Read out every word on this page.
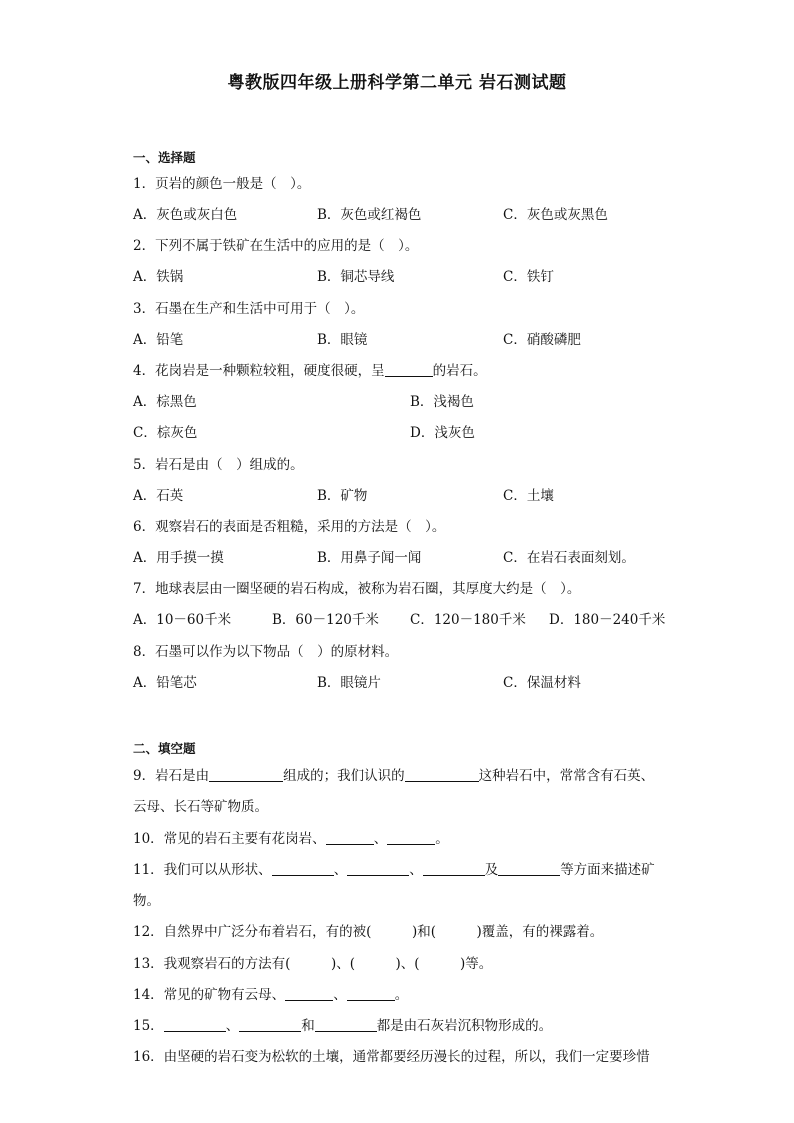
粤教版四年级上册科学第二单元 岩石测试题
一、选择题
1．页岩的颜色一般是（　）。
A．灰色或灰白色	B．灰色或红褐色	C．灰色或灰黑色
2．下列不属于铁矿在生活中的应用的是（　）。
A．铁锅	B．铜芯导线	C．铁钉
3．石墨在生产和生活中可用于（　）。
A．铅笔	B．眼镜	C．硝酸磷肥
4．花岗岩是一种颗粒较粗，硬度很硬，呈	的岩石。
A．棕黑色	B．浅褐色
C．棕灰色	D．浅灰色
5．岩石是由（　）组成的。
A．石英	B．矿物	C．土壤
6．观察岩石的表面是否粗糙，采用的方法是（　）。
A．用手摸一摸	B．用鼻子闻一闻	C．在岩石表面刻划。
7．地球表层由一圈坚硬的岩石构成，被称为岩石圈，其厚度大约是（　）。
A．10－60千米	B．60－120千米 C．120－180千米 D．180－240千米
8．石墨可以作为以下物品（　）的原材料。
A．铅笔芯	B．眼镜片	C．保温材料
二、填空题
9．岩石是由	组成的；我们认识的	这种岩石中，常常含有石英、
云母、长石等矿物质。
10．常见的岩石主要有花岗岩、	、	。
11．我们可以从形状、	、	、	及	等方面来描述矿
物。
12．自然界中广泛分布着岩石，有的被(　　　)和(　　　)覆盖，有的裸露着。
13．我观察岩石的方法有(　　　)、(　　　)、(　　　)等。
14．常见的矿物有云母、	、	。
15．	、	和	都是由石灰岩沉积物形成的。
16．由坚硬的岩石变为松软的土壤，通常都要经历漫长的过程，所以，我们一定要珍惜
